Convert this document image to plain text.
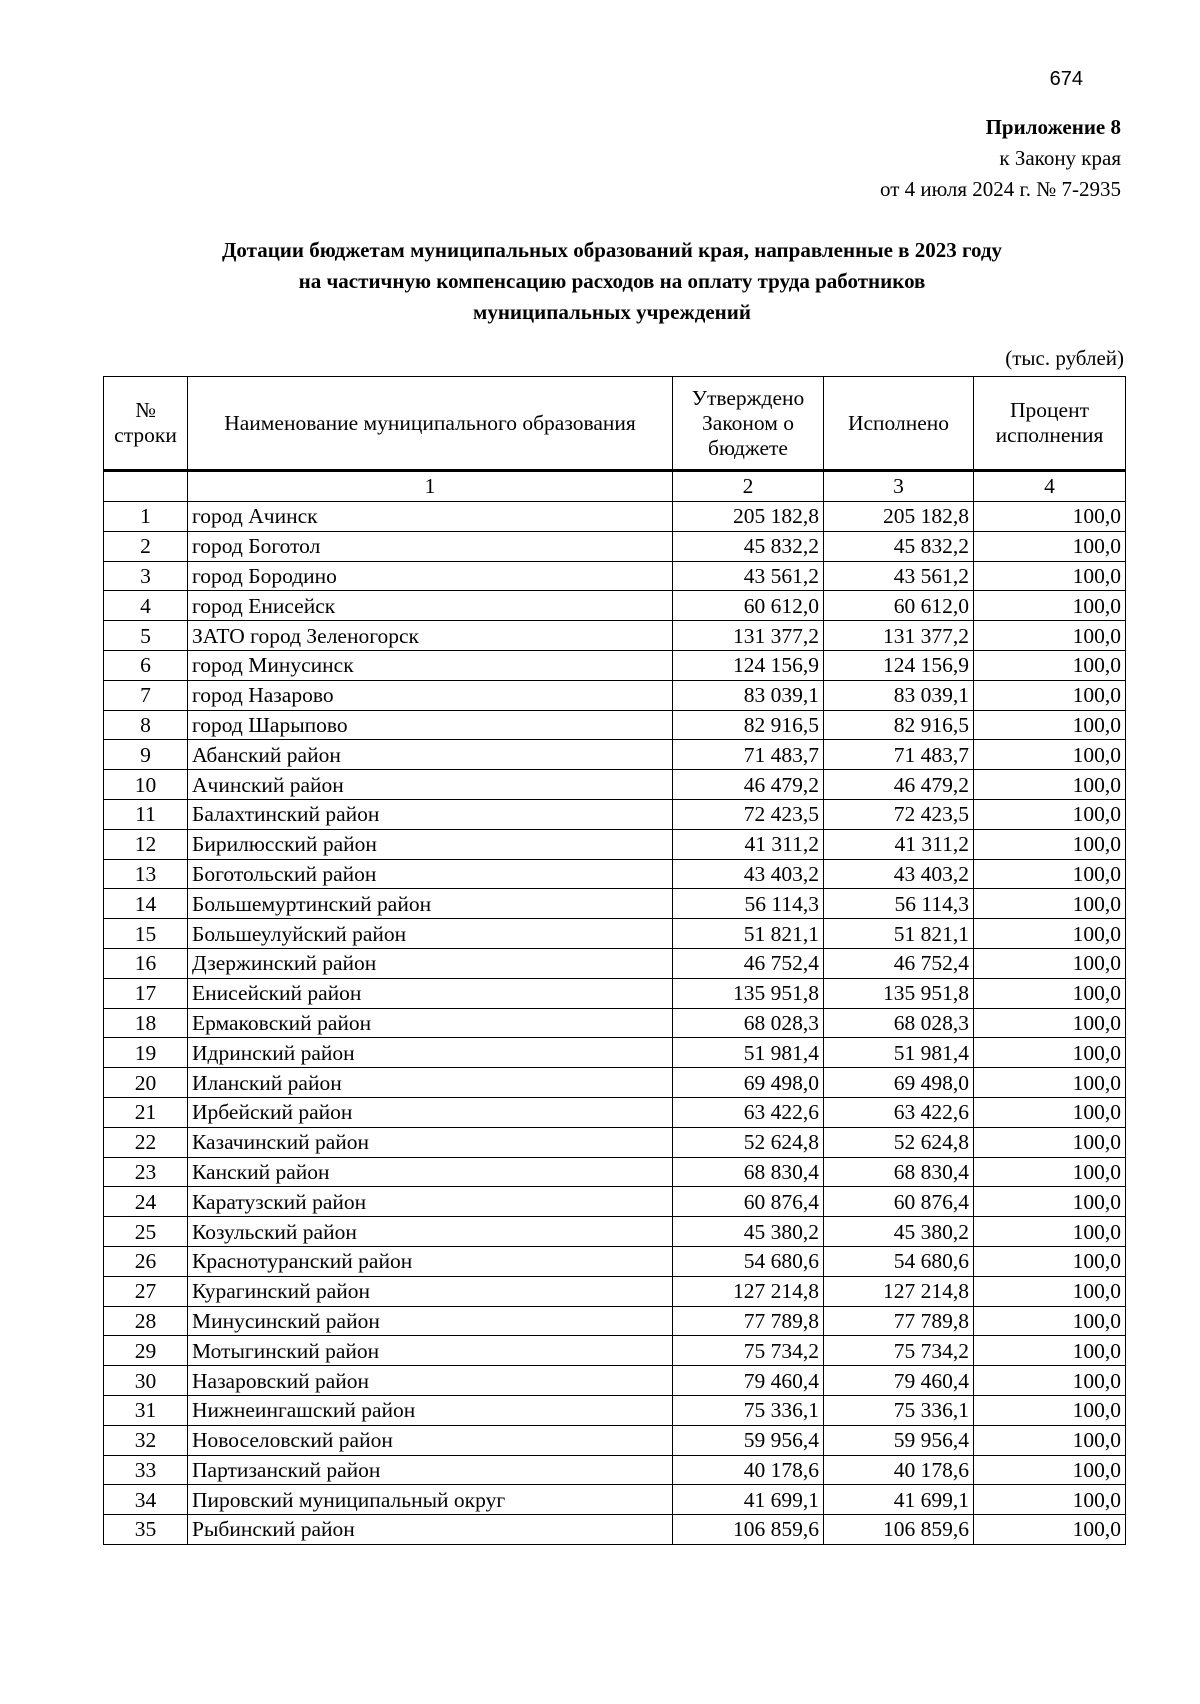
674
Приложение 8
к Закону края
от 4 июля 2024 г. № 7-2935
Дотации бюджетам муниципальных образований края, направленные в 2023 году
на частичную компенсацию расходов на оплату труда работников
муниципальных учреждений
(тыс. рублей)
№ строки	Наименование муниципального образования	Утверждено Законом о бюджете	Исполнено	Процент исполнения
	1	2	3	4
1	город Ачинск	205 182,8	205 182,8	100,0
2	город Боготол	45 832,2	45 832,2	100,0
3	город Бородино	43 561,2	43 561,2	100,0
4	город Енисейск	60 612,0	60 612,0	100,0
5	ЗАТО город Зеленогорск	131 377,2	131 377,2	100,0
6	город Минусинск	124 156,9	124 156,9	100,0
7	город Назарово	83 039,1	83 039,1	100,0
8	город Шарыпово	82 916,5	82 916,5	100,0
9	Абанский район	71 483,7	71 483,7	100,0
10	Ачинский район	46 479,2	46 479,2	100,0
11	Балахтинский район	72 423,5	72 423,5	100,0
12	Бирилюсский район	41 311,2	41 311,2	100,0
13	Боготольский район	43 403,2	43 403,2	100,0
14	Большемуртинский район	56 114,3	56 114,3	100,0
15	Большеулуйский район	51 821,1	51 821,1	100,0
16	Дзержинский район	46 752,4	46 752,4	100,0
17	Енисейский район	135 951,8	135 951,8	100,0
18	Ермаковский район	68 028,3	68 028,3	100,0
19	Идринский район	51 981,4	51 981,4	100,0
20	Иланский район	69 498,0	69 498,0	100,0
21	Ирбейский район	63 422,6	63 422,6	100,0
22	Казачинский район	52 624,8	52 624,8	100,0
23	Канский район	68 830,4	68 830,4	100,0
24	Каратузский район	60 876,4	60 876,4	100,0
25	Козульский район	45 380,2	45 380,2	100,0
26	Краснотуранский район	54 680,6	54 680,6	100,0
27	Курагинский район	127 214,8	127 214,8	100,0
28	Минусинский район	77 789,8	77 789,8	100,0
29	Мотыгинский район	75 734,2	75 734,2	100,0
30	Назаровский район	79 460,4	79 460,4	100,0
31	Нижнеингашский район	75 336,1	75 336,1	100,0
32	Новоселовский район	59 956,4	59 956,4	100,0
33	Партизанский район	40 178,6	40 178,6	100,0
34	Пировский муниципальный округ	41 699,1	41 699,1	100,0
35	Рыбинский район	106 859,6	106 859,6	100,0
